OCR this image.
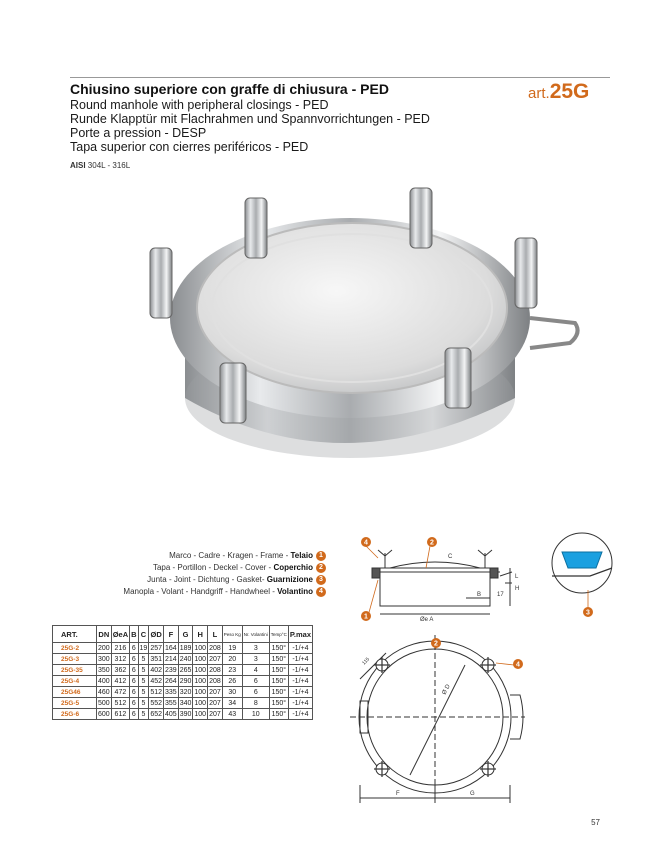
Chiusino superiore con graffe di chiusura - PED	art.25G
Round manhole with peripheral closings - PED
Runde Klapptür mit Flachrahmen und Spannvorrichtungen - PED
Porte a pression - DESP
Tapa superior con cierres periféricos - PED
AISI 304L - 316L
Marco - Cadre - Kragen - Frame - Telaio 1
Tapa - Portillon - Deckel - Cover - Coperchio 2
Junta - Joint - Dichtung - Gasket- Guarnizione 3
Manopla - Volant - Handgriff - Handwheel - Volantino 4
4	2
1
3
C
H
L
17
Øe A
B
ART.	DN	ØeA	B	C	ØD	F	G	H	L	Peso Kg	Nr. Volantini	Temp°C	P.max
25G-2	200	216	6	19	257	164	189	100	208	19	3	150°	-1/+4
25G-3	300	312	6	5	351	214	240	100	207	20	3	150°	-1/+4
25G-35	350	362	6	5	402	239	265	100	208	23	4	150°	-1/+4
25G-4	400	412	6	5	452	264	290	100	208	26	6	150°	-1/+4
25G46	460	472	6	5	512	335	320	100	207	30	6	150°	-1/+4
25G-5	500	512	6	5	552	355	340	100	207	34	8	150°	-1/+4
25G-6	600	612	6	5	652	405	390	100	207	43	10	150°	-1/+4
2
4
Ø D
F	G
115
57
